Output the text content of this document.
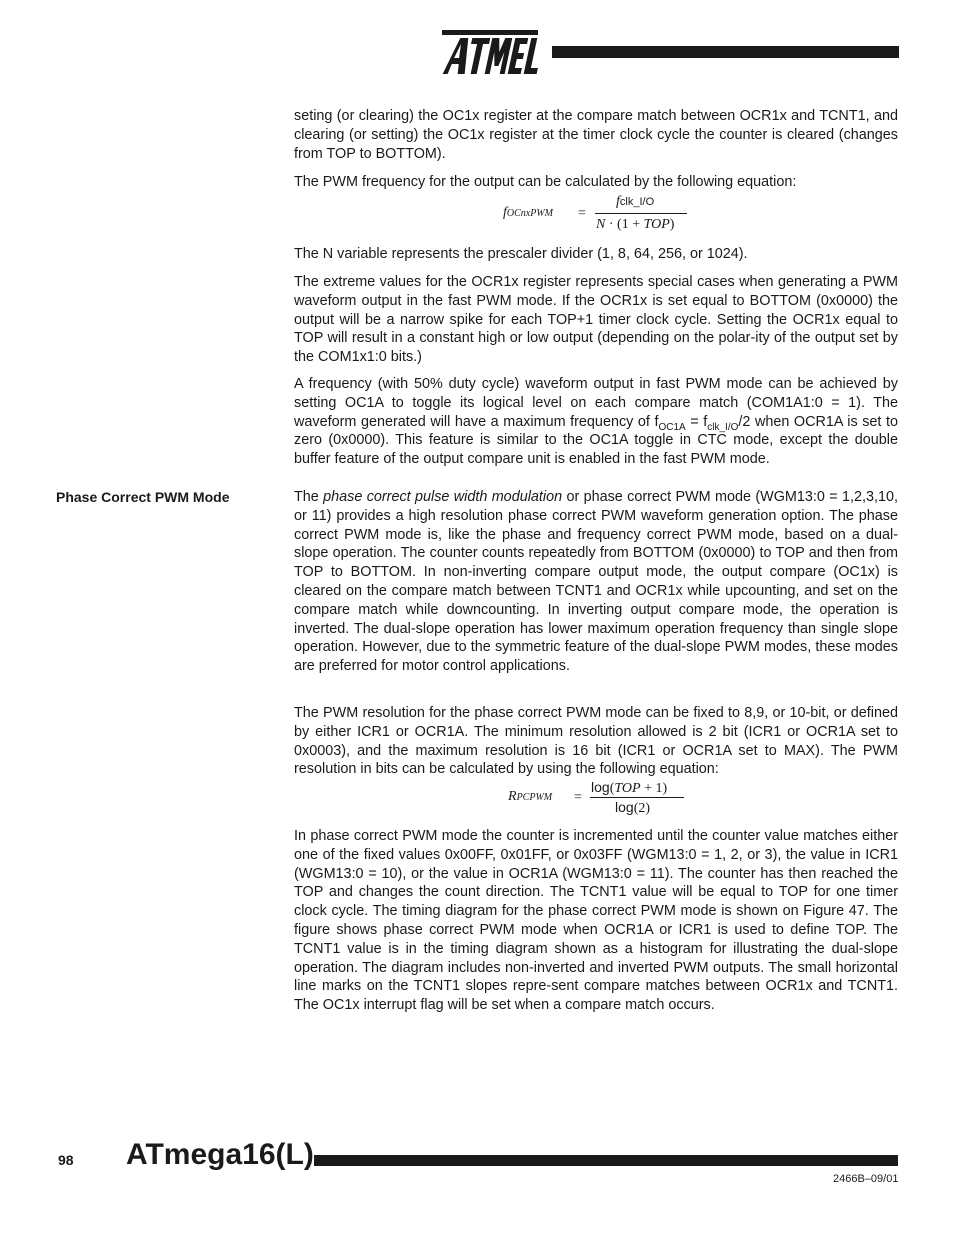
seting (or clearing) the OC1x register at the compare match between OCR1x and TCNT1, and clearing (or setting) the OC1x register at the timer clock cycle the counter is cleared (changes from TOP to BOTTOM).

The PWM frequency for the output can be calculated by the following equation:

fOCnxPWM =
fclk_I/O
N · (1 + TOP)

The N variable represents the prescaler divider (1, 8, 64, 256, or 1024).

The extreme values for the OCR1x register represents special cases when generating a PWM waveform output in the fast PWM mode. If the OCR1x is set equal to BOTTOM (0x0000) the output will be a narrow spike for each TOP+1 timer clock cycle. Setting the OCR1x equal to TOP will result in a constant high or low output (depending on the polar-ity of the output set by the COM1x1:0 bits.)

A frequency (with 50% duty cycle) waveform output in fast PWM mode can be achieved by setting OC1A to toggle its logical level on each compare match (COM1A1:0 = 1). The waveform generated will have a maximum frequency of $f_{OC1A} = f_{clk\_I/O}/2$ when OCR1A is set to zero (0x0000). This feature is similar to the OC1A toggle in CTC mode, except the double buffer feature of the output compare unit is enabled in the fast PWM mode.

Phase Correct PWM Mode	The phase correct pulse width modulation or phase correct PWM mode (WGM13:0 = 1,2,3,10, or 11) provides a high resolution phase correct PWM waveform generation option. The phase correct PWM mode is, like the phase and frequency correct PWM mode, based on a dual-slope operation. The counter counts repeatedly from BOTTOM (0x0000) to TOP and then from TOP to BOTTOM. In non-inverting compare output mode, the output compare (OC1x) is cleared on the compare match between TCNT1 and OCR1x while upcounting, and set on the compare match while downcounting. In inverting output compare mode, the operation is inverted. The dual-slope operation has lower maximum operation frequency than single slope operation. However, due to the symmetric feature of the dual-slope PWM modes, these modes are preferred for motor control applications.

The PWM resolution for the phase correct PWM mode can be fixed to 8,9, or 10-bit, or defined by either ICR1 or OCR1A. The minimum resolution allowed is 2 bit (ICR1 or OCR1A set to 0x0003), and the maximum resolution is 16 bit (ICR1 or OCR1A set to MAX). The PWM resolution in bits can be calculated by using the following equation:

RPCPWM =
log(TOP + 1)
log(2)

In phase correct PWM mode the counter is incremented until the counter value matches either one of the fixed values 0x00FF, 0x01FF, or 0x03FF (WGM13:0 = 1, 2, or 3), the value in ICR1 (WGM13:0 = 10), or the value in OCR1A (WGM13:0 = 11). The counter has then reached the TOP and changes the count direction. The TCNT1 value will be equal to TOP for one timer clock cycle. The timing diagram for the phase correct PWM mode is shown on Figure 47. The figure shows phase correct PWM mode when OCR1A or ICR1 is used to define TOP. The TCNT1 value is in the timing diagram shown as a histogram for illustrating the dual-slope operation. The diagram includes non-inverted and inverted PWM outputs. The small horizontal line marks on the TCNT1 slopes repre-sent compare matches between OCR1x and TCNT1. The OC1x interrupt flag will be set when a compare match occurs.

98 ATmega16(L)
2466B–09/01
